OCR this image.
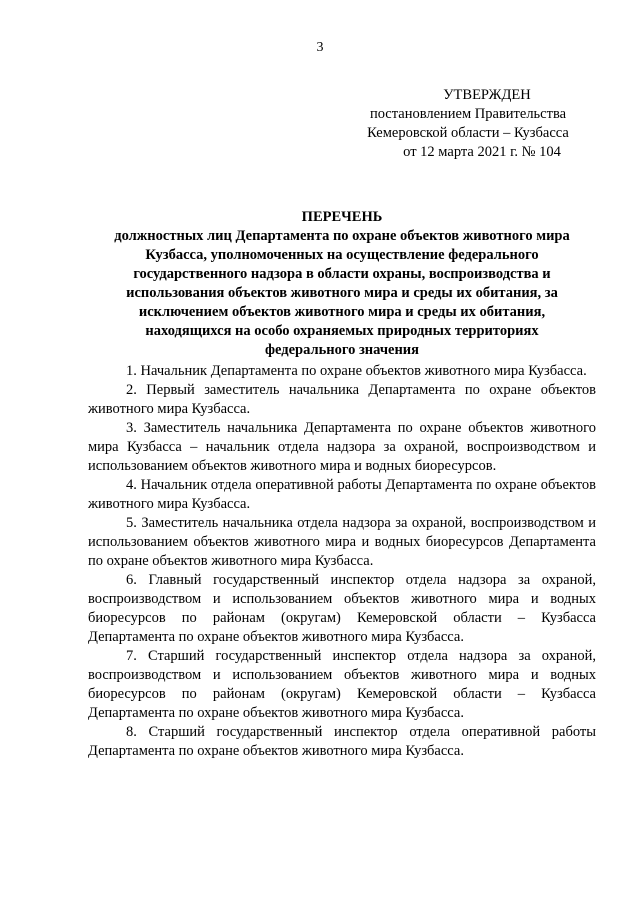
3
УТВЕРЖДЕН
постановлением Правительства
Кемеровской области – Кузбасса
от 12 марта 2021 г. № 104
ПЕРЕЧЕНЬ
должностных лиц Департамента по охране объектов животного мира
Кузбасса, уполномоченных на осуществление федерального
государственного надзора в области охраны, воспроизводства и
использования объектов животного мира и среды их обитания, за
исключением объектов животного мира и среды их обитания,
находящихся на особо охраняемых природных территориях
федерального значения

1. Начальник Департамента по охране объектов животного мира Кузбасса.

2. Первый заместитель начальника Департамента по охране объектов животного мира Кузбасса.

3. Заместитель начальника Департамента по охране объектов животного мира Кузбасса – начальник отдела надзора за охраной, воспроизводством и использованием объектов животного мира и водных биоресурсов.

4. Начальник отдела оперативной работы Департамента по охране объектов животного мира Кузбасса.

5. Заместитель начальника отдела надзора за охраной, воспроизводством и использованием объектов животного мира и водных биоресурсов Департамента по охране объектов животного мира Кузбасса.

6. Главный государственный инспектор отдела надзора за охраной, воспроизводством и использованием объектов животного мира и водных биоресурсов по районам (округам) Кемеровской области – Кузбасса Департамента по охране объектов животного мира Кузбасса.

7. Старший государственный инспектор отдела надзора за охраной, воспроизводством и использованием объектов животного мира и водных биоресурсов по районам (округам) Кемеровской области – Кузбасса Департамента по охране объектов животного мира Кузбасса.

8. Старший государственный инспектор отдела оперативной работы Департамента по охране объектов животного мира Кузбасса.
